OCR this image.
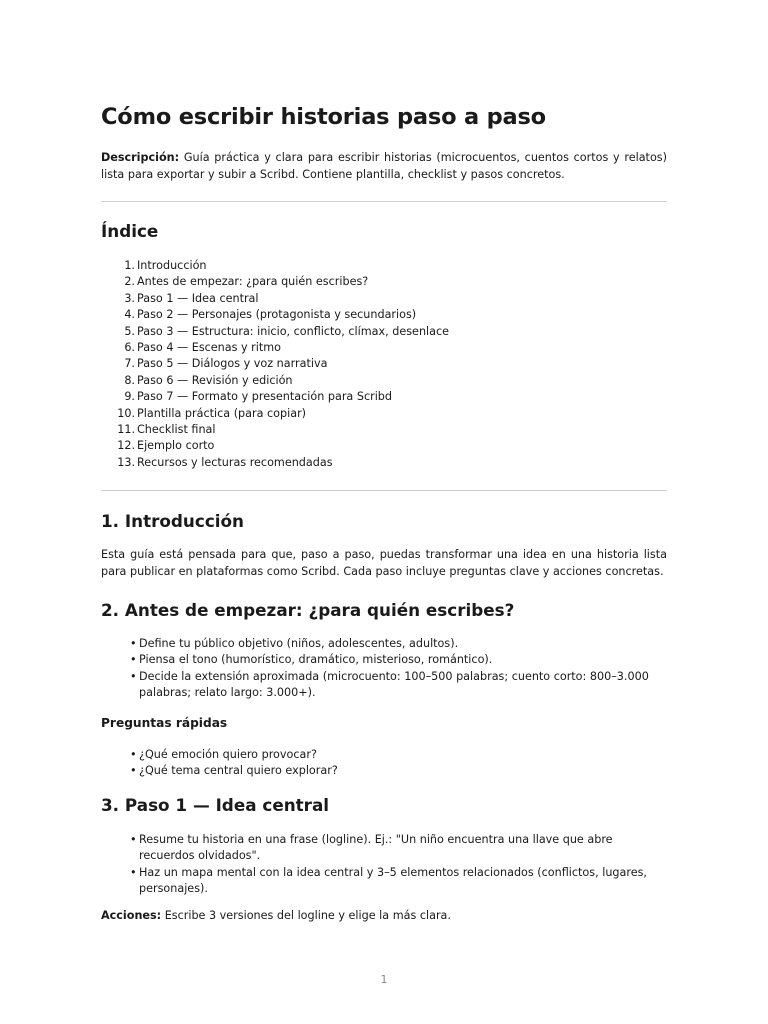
Cómo escribir historias paso a paso

Descripción: Guía práctica y clara para escribir historias (microcuentos, cuentos cortos y relatos) lista para exportar y subir a Scribd. Contiene plantilla, checklist y pasos concretos.

Índice
1. Introducción
2. Antes de empezar: ¿para quién escribes?
3. Paso 1 — Idea central
4. Paso 2 — Personajes (protagonista y secundarios)
5. Paso 3 — Estructura: inicio, conflicto, clímax, desenlace
6. Paso 4 — Escenas y ritmo
7. Paso 5 — Diálogos y voz narrativa
8. Paso 6 — Revisión y edición
9. Paso 7 — Formato y presentación para Scribd
10. Plantilla práctica (para copiar)
11. Checklist final
12. Ejemplo corto
13. Recursos y lecturas recomendadas
1. Introducción

Esta guía está pensada para que, paso a paso, puedas transformar una idea en una historia lista para publicar en plataformas como Scribd. Cada paso incluye preguntas clave y acciones concretas.

2. Antes de empezar: ¿para quién escribes?
• Define tu público objetivo (niños, adolescentes, adultos).
• Piensa el tono (humorístico, dramático, misterioso, romántico).
• Decide la extensión aproximada (microcuento: 100–500 palabras; cuento corto: 800–3.000 palabras; relato largo: 3.000+).
Preguntas rápidas
• ¿Qué emoción quiero provocar?
• ¿Qué tema central quiero explorar?
3. Paso 1 — Idea central
• Resume tu historia en una frase (logline). Ej.: "Un niño encuentra una llave que abre recuerdos olvidados".
• Haz un mapa mental con la idea central y 3–5 elementos relacionados (conflictos, lugares, personajes).

Acciones: Escribe 3 versiones del logline y elige la más clara.

1
